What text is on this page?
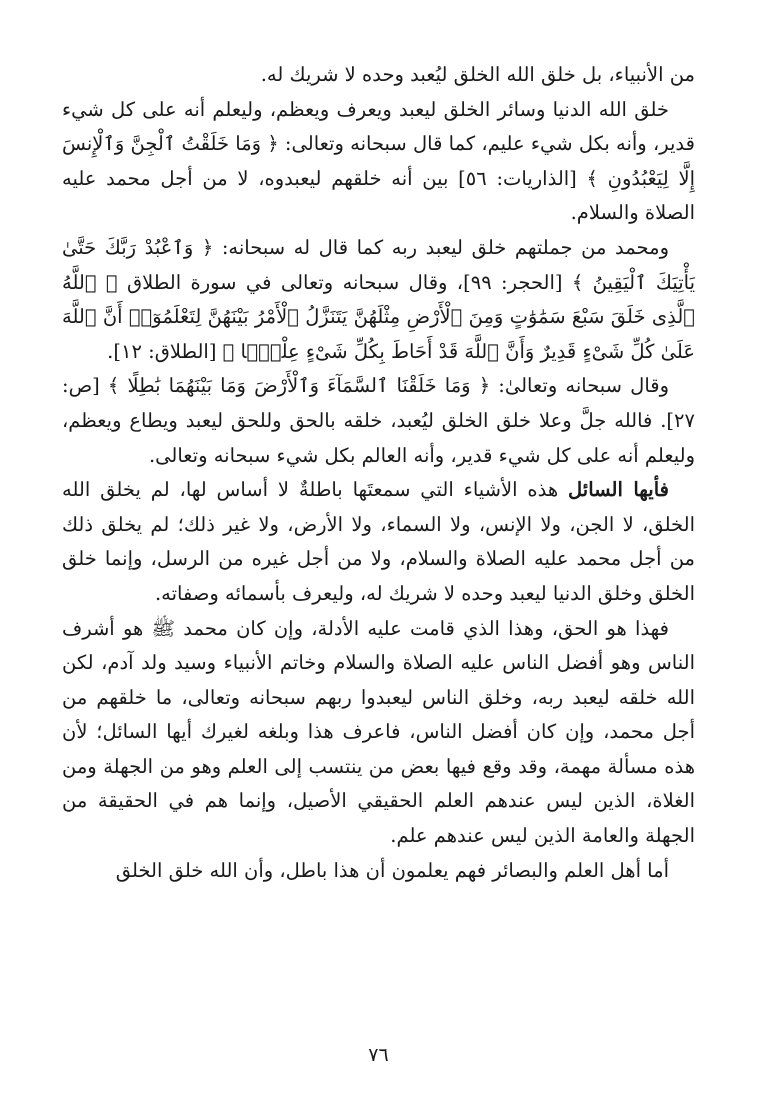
من الأنبياء، بل خلق الله الخلق ليُعبد وحده لا شريك له.

خلق الله الدنيا وسائر الخلق ليعبد ويعرف ويعظم، وليعلم أنه على كل شيء قدير، وأنه بكل شيء عليم، كما قال سبحانه وتعالى: ﴿ وَمَا خَلَقْتُ ٱلْجِنَّ وَٱلْإِنسَ إِلَّا لِيَعْبُدُونِ ﴾ [الذاريات: ٥٦] بين أنه خلقهم ليعبدوه، لا من أجل محمد عليه الصلاة والسلام.

ومحمد من جملتهم خلق ليعبد ربه كما قال له سبحانه: ﴿ وَٱعْبُدْ رَبَّكَ حَتَّىٰ يَأْتِيَكَ ٱلْيَقِينُ ﴾ [الحجر: ٩٩]، وقال سبحانه وتعالى في سورة الطلاق ﴿ ٱللَّهُ ٱلَّذِى خَلَقَ سَبْعَ سَمَٰوَٰتٍ وَمِنَ ٱلْأَرْضِ مِثْلَهُنَّ يَتَنَزَّلُ ٱلْأَمْرُ بَيْنَهُنَّ لِتَعْلَمُوٓا۟ أَنَّ ٱللَّهَ عَلَىٰ كُلِّ شَىْءٍ قَدِيرٌ وَأَنَّ ٱللَّهَ قَدْ أَحَاطَ بِكُلِّ شَىْءٍ عِلْمًۢا ﴾ [الطلاق: ١٢].

وقال سبحانه وتعالىٰ: ﴿ وَمَا خَلَقْنَا ٱلسَّمَآءَ وَٱلْأَرْضَ وَمَا بَيْنَهُمَا بَٰطِلًا ﴾ [ص: ٢٧]. فالله جلَّ وعلا خلق الخلق ليُعبد، خلقه بالحق وللحق ليعبد ويطاع ويعظم، وليعلم أنه على كل شيء قدير، وأنه العالم بكل شيء سبحانه وتعالى.

فأيها السائل هذه الأشياء التي سمعتَها باطلةٌ لا أساس لها، لم يخلق الله الخلق، لا الجن، ولا الإنس، ولا السماء، ولا الأرض، ولا غير ذلك؛ لم يخلق ذلك من أجل محمد عليه الصلاة والسلام، ولا من أجل غيره من الرسل، وإنما خلق الخلق وخلق الدنيا ليعبد وحده لا شريك له، وليعرف بأسمائه وصفاته.

فهذا هو الحق، وهذا الذي قامت عليه الأدلة، وإن كان محمد ﷺ هو أشرف الناس وهو أفضل الناس عليه الصلاة والسلام وخاتم الأنبياء وسيد ولد آدم، لكن الله خلقه ليعبد ربه، وخلق الناس ليعبدوا ربهم سبحانه وتعالى، ما خلقهم من أجل محمد، وإن كان أفضل الناس، فاعرف هذا وبلغه لغيرك أيها السائل؛ لأن هذه مسألة مهمة، وقد وقع فيها بعض من ينتسب إلى العلم وهو من الجهلة ومن الغلاة، الذين ليس عندهم العلم الحقيقي الأصيل، وإنما هم في الحقيقة من الجهلة والعامة الذين ليس عندهم علم.

أما أهل العلم والبصائر فهم يعلمون أن هذا باطل، وأن الله خلق الخلق

٧٦
